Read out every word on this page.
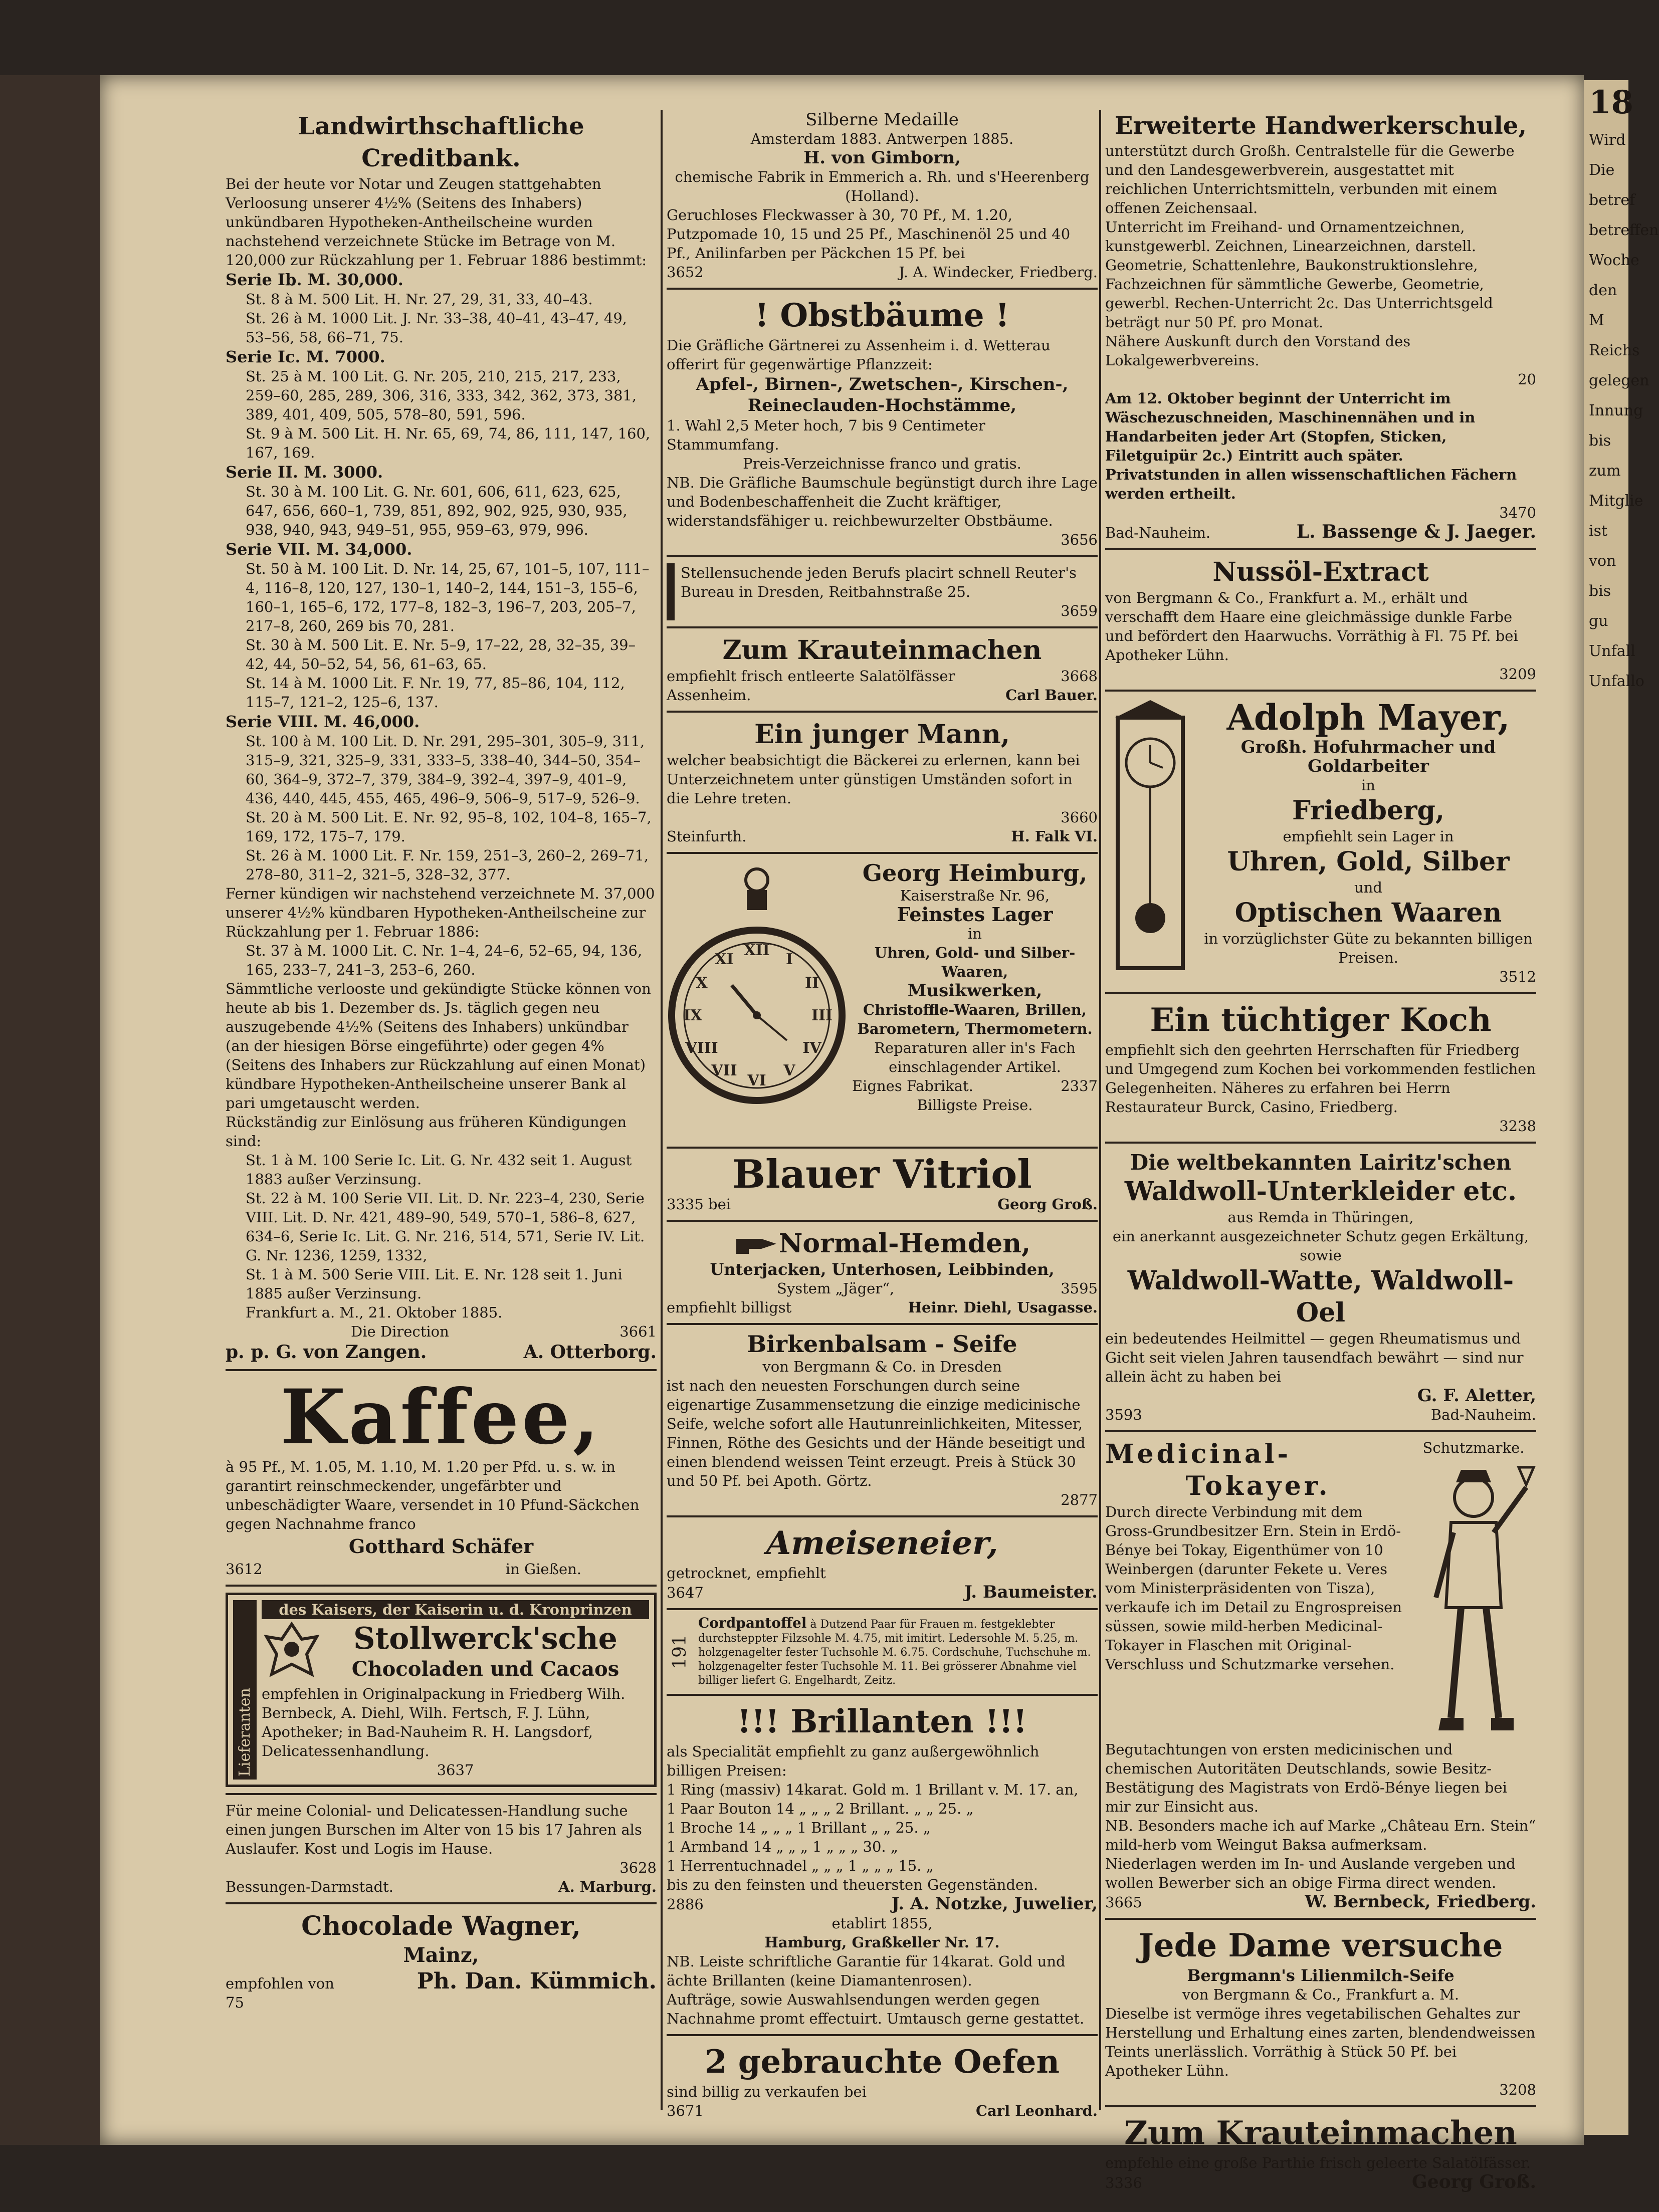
18
Wird
Die
betref
betreffen
Woche
den M
Reichs
gelegen
Innung
bis zum
Mitglie
ist von
bis gu
Unfall
Unfallo

Landwirthschaftliche Creditbank.

Bei der heute vor Notar und Zeugen stattgehabten Verloosung unserer 4½% (Seitens des Inhabers) unkündbaren Hypotheken-Antheilscheine wurden nachstehend verzeichnete Stücke im Betrage von M. 120,000 zur Rückzahlung per 1. Februar 1886 bestimmt:

Serie Ib. M. 30,000.

St. 8 à M. 500 Lit. H. Nr. 27, 29, 31, 33, 40–43.

St. 26 à M. 1000 Lit. J. Nr. 33–38, 40–41, 43–47, 49, 53–56, 58, 66–71, 75.

Serie Ic. M. 7000.

St. 25 à M. 100 Lit. G. Nr. 205, 210, 215, 217, 233, 259–60, 285, 289, 306, 316, 333, 342, 362, 373, 381, 389, 401, 409, 505, 578–80, 591, 596.

St. 9 à M. 500 Lit. H. Nr. 65, 69, 74, 86, 111, 147, 160, 167, 169.

Serie II. M. 3000.

St. 30 à M. 100 Lit. G. Nr. 601, 606, 611, 623, 625, 647, 656, 660–1, 739, 851, 892, 902, 925, 930, 935, 938, 940, 943, 949–51, 955, 959–63, 979, 996.

Serie VII. M. 34,000.

St. 50 à M. 100 Lit. D. Nr. 14, 25, 67, 101–5, 107, 111–4, 116–8, 120, 127, 130–1, 140–2, 144, 151–3, 155–6, 160–1, 165–6, 172, 177–8, 182–3, 196–7, 203, 205–7, 217–8, 260, 269 bis 70, 281.

St. 30 à M. 500 Lit. E. Nr. 5–9, 17–22, 28, 32–35, 39–42, 44, 50–52, 54, 56, 61–63, 65.

St. 14 à M. 1000 Lit. F. Nr. 19, 77, 85–86, 104, 112, 115–7, 121–2, 125–6, 137.

Serie VIII. M. 46,000.

St. 100 à M. 100 Lit. D. Nr. 291, 295–301, 305–9, 311, 315–9, 321, 325–9, 331, 333–5, 338–40, 344–50, 354–60, 364–9, 372–7, 379, 384–9, 392–4, 397–9, 401–9, 436, 440, 445, 455, 465, 496–9, 506–9, 517–9, 526–9.

St. 20 à M. 500 Lit. E. Nr. 92, 95–8, 102, 104–8, 165–7, 169, 172, 175–7, 179.

St. 26 à M. 1000 Lit. F. Nr. 159, 251–3, 260–2, 269–71, 278–80, 311–2, 321–5, 328–32, 377.

Ferner kündigen wir nachstehend verzeichnete M. 37,000 unserer 4½% kündbaren Hypotheken-Antheilscheine zur Rückzahlung per 1. Februar 1886:

St. 37 à M. 1000 Lit. C. Nr. 1–4, 24–6, 52–65, 94, 136, 165, 233–7, 241–3, 253–6, 260.

Sämmtliche verlooste und gekündigte Stücke können von heute ab bis 1. Dezember ds. Js. täglich gegen neu auszugebende 4½% (Seitens des Inhabers) unkündbar (an der hiesigen Börse eingeführte) oder gegen 4% (Seitens des Inhabers zur Rückzahlung auf einen Monat) kündbare Hypotheken-Antheilscheine unserer Bank al pari umgetauscht werden.

Rückständig zur Einlösung aus früheren Kündigungen sind:

St. 1 à M. 100 Serie Ic. Lit. G. Nr. 432 seit 1. August 1883 außer Verzinsung.

St. 22 à M. 100 Serie VII. Lit. D. Nr. 223–4, 230, Serie VIII. Lit. D. Nr. 421, 489–90, 549, 570–1, 586–8, 627, 634–6, Serie Ic. Lit. G. Nr. 216, 514, 571, Serie IV. Lit. G. Nr. 1236, 1259, 1332,

St. 1 à M. 500 Serie VIII. Lit. E. Nr. 128 seit 1. Juni 1885 außer Verzinsung.

Frankfurt a. M., 21. Oktober 1885.

Die Direction	3661
p. p. G. von Zangen.	A. Otterborg.

Kaffee,

à 95 Pf., M. 1.05, M. 1.10, M. 1.20 per Pfd. u. s. w. in garantirt reinschmeckender, ungefärbter und unbeschädigter Waare, versendet in 10 Pfund-Säckchen gegen Nachnahme franco

Gotthard Schäfer

3612	in Gießen.
Lieferanten

des Kaisers, der Kaiserin u. d. Kronprinzen

Stollwerck'sche

Chocoladen und Cacaos

empfehlen in Originalpackung in Friedberg Wilh. Bernbeck, A. Diehl, Wilh. Fertsch, F. J. Lühn, Apotheker; in Bad-Nauheim R. H. Langsdorf, Delicatessenhandlung.

3637

Für meine Colonial- und Delicatessen-Handlung suche einen jungen Burschen im Alter von 15 bis 17 Jahren als Auslaufer. Kost und Logis im Hause.

3628

Bessungen-Darmstadt.	A. Marburg.

Chocolade Wagner,

Mainz,

empfohlen von

75

Ph. Dan. Kümmich.

Silberne Medaille

Amsterdam 1883. Antwerpen 1885.

H. von Gimborn,

chemische Fabrik in Emmerich a. Rh. und s'Heerenberg (Holland).

Geruchloses Fleckwasser à 30, 70 Pf., M. 1.20, Putzpomade 10, 15 und 25 Pf., Maschinenöl 25 und 40 Pf., Anilinfarben per Päckchen 15 Pf. bei

3652	J. A. Windecker, Friedberg.

! Obstbäume !

Die Gräfliche Gärtnerei zu Assenheim i. d. Wetterau offerirt für gegenwärtige Pflanzzeit:

Apfel-, Birnen-, Zwetschen-, Kirschen-, Reineclauden-Hochstämme,

1. Wahl 2,5 Meter hoch, 7 bis 9 Centimeter Stammumfang.

Preis-Verzeichnisse franco und gratis.

NB. Die Gräfliche Baumschule begünstigt durch ihre Lage und Bodenbeschaffenheit die Zucht kräftiger, widerstandsfähiger u. reichbewurzelter Obstbäume.

3656

Stellensuchende jeden Berufs placirt schnell Reuter's Bureau in Dresden, Reitbahnstraße 25.

3659

Zum Krauteinmachen

empfiehlt frisch entleerte Salatölfässer	3668
Assenheim.	Carl Bauer.

Ein junger Mann,

welcher beabsichtigt die Bäckerei zu erlernen, kann bei Unterzeichnetem unter günstigen Umständen sofort in die Lehre treten.

3660

Steinfurth.	H. Falk VI.
XII
I
II
III
IV
V
VI
VII
VIII
IX
X
XI

Georg Heimburg,

Kaiserstraße Nr. 96,

Feinstes Lager

in

Uhren, Gold- und Silber-Waaren,

Musikwerken,

Christoffle-Waaren, Brillen, Barometern, Thermometern.

Reparaturen aller in's Fach einschlagender Artikel.

Eignes Fabrikat.	2337

Billigste Preise.

Blauer Vitriol

3335 bei	Georg Groß.

Normal-Hemden,

Unterjacken, Unterhosen, Leibbinden,

System „Jäger“,	3595
empfiehlt billigst	Heinr. Diehl, Usagasse.

Birkenbalsam - Seife

von Bergmann & Co. in Dresden

ist nach den neuesten Forschungen durch seine eigenartige Zusammensetzung die einzige medicinische Seife, welche sofort alle Hautunreinlichkeiten, Mitesser, Finnen, Röthe des Gesichts und der Hände beseitigt und einen blendend weissen Teint erzeugt. Preis à Stück 30 und 50 Pf. bei Apoth. Görtz.

2877

Ameiseneier,

getrocknet, empfiehlt

3647	J. Baumeister.
191
Cordpantoffel à Dutzend Paar für Frauen m. festgeklebter durchsteppter Filzsohle M. 4.75, mit imitirt. Ledersohle M. 5.25, m. holzgenagelter fester Tuchsohle M. 6.75. Cordschuhe, Tuchschuhe m. holzgenagelter fester Tuchsohle M. 11. Bei grösserer Abnahme viel billiger liefert G. Engelhardt, Zeitz.

!!! Brillanten !!!

als Specialität empfiehlt zu ganz außergewöhnlich billigen Preisen:

1 Ring (massiv) 14karat. Gold m. 1 Brillant v. M. 17. an,

1 Paar Bouton 14 „ „ „ 2 Brillant. „ „ 25. „

1 Broche 14 „ „ „ 1 Brillant „ „ 25. „

1 Armband 14 „ „ „ 1 „ „ „ 30. „

1 Herrentuchnadel „ „ „ 1 „ „ „ 15. „

bis zu den feinsten und theuersten Gegenständen.

2886	J. A. Notzke, Juwelier,

etablirt 1855,

Hamburg, Graßkeller Nr. 17.

NB. Leiste schriftliche Garantie für 14karat. Gold und ächte Brillanten (keine Diamantenrosen).

Aufträge, sowie Auswahlsendungen werden gegen Nachnahme promt effectuirt. Umtausch gerne gestattet.

2 gebrauchte Oefen

sind billig zu verkaufen bei

3671	Carl Leonhard.

Erweiterte Handwerkerschule,

unterstützt durch Großh. Centralstelle für die Gewerbe und den Landesgewerbverein, ausgestattet mit reichlichen Unterrichtsmitteln, verbunden mit einem offenen Zeichensaal.

Unterricht im Freihand- und Ornamentzeichnen, kunstgewerbl. Zeichnen, Linearzeichnen, darstell. Geometrie, Schattenlehre, Baukonstruktionslehre, Fachzeichnen für sämmtliche Gewerbe, Geometrie, gewerbl. Rechen-Unterricht 2c. Das Unterrichtsgeld beträgt nur 50 Pf. pro Monat.

Nähere Auskunft durch den Vorstand des Lokalgewerbvereins.

20

Am 12. Oktober beginnt der Unterricht im Wäschezuschneiden, Maschinennähen und in Handarbeiten jeder Art (Stopfen, Sticken, Filetguipür 2c.) Eintritt auch später.

Privatstunden in allen wissenschaftlichen Fächern werden ertheilt.

3470

Bad-Nauheim.	L. Bassenge & J. Jaeger.

Nussöl-Extract

von Bergmann & Co., Frankfurt a. M., erhält und verschafft dem Haare eine gleichmässige dunkle Farbe und befördert den Haarwuchs. Vorräthig à Fl. 75 Pf. bei Apotheker Lühn.

3209

Adolph Mayer,

Großh. Hofuhrmacher und Goldarbeiter

in

Friedberg,

empfiehlt sein Lager in

Uhren, Gold, Silber

und

Optischen Waaren

in vorzüglichster Güte zu bekannten billigen Preisen.

3512

Ein tüchtiger Koch

empfiehlt sich den geehrten Herrschaften für Friedberg und Umgegend zum Kochen bei vorkommenden festlichen Gelegenheiten. Näheres zu erfahren bei Herrn Restaurateur Burck, Casino, Friedberg.

3238

Die weltbekannten Lairitz'schen

Waldwoll-Unterkleider etc.

aus Remda in Thüringen,

ein anerkannt ausgezeichneter Schutz gegen Erkältung, sowie

Waldwoll-Watte, Waldwoll-Oel

ein bedeutendes Heilmittel — gegen Rheumatismus und Gicht seit vielen Jahren tausendfach bewährt — sind nur allein ächt zu haben bei

G. F. Aletter,

3593	Bad-Nauheim.

Medicinal-

Tokayer.

Durch directe Verbindung mit dem Gross-Grundbesitzer Ern. Stein in Erdö-Bénye bei Tokay, Eigenthümer von 10 Weinbergen (darunter Fekete u. Veres vom Ministerpräsidenten von Tisza), verkaufe ich im Detail zu Engrospreisen süssen, sowie mild-herben Medicinal-Tokayer in Flaschen mit Original-Verschluss und Schutzmarke versehen.

Schutzmarke.

Begutachtungen von ersten medicinischen und chemischen Autoritäten Deutschlands, sowie Besitz-Bestätigung des Magistrats von Erdö-Bénye liegen bei mir zur Einsicht aus.

NB. Besonders mache ich auf Marke „Château Ern. Stein“ mild-herb vom Weingut Baksa aufmerksam.

Niederlagen werden im In- und Auslande vergeben und wollen Bewerber sich an obige Firma direct wenden.

3665	W. Bernbeck, Friedberg.

Jede Dame versuche

Bergmann's Lilienmilch-Seife

von Bergmann & Co., Frankfurt a. M.

Dieselbe ist vermöge ihres vegetabilischen Gehaltes zur Herstellung und Erhaltung eines zarten, blendendweissen Teints unerlässlich. Vorräthig à Stück 50 Pf. bei Apotheker Lühn.

3208

Zum Krauteinmachen

empfehle eine große Parthie frisch geleerte Salatölfässer.

3336	Georg Groß.
